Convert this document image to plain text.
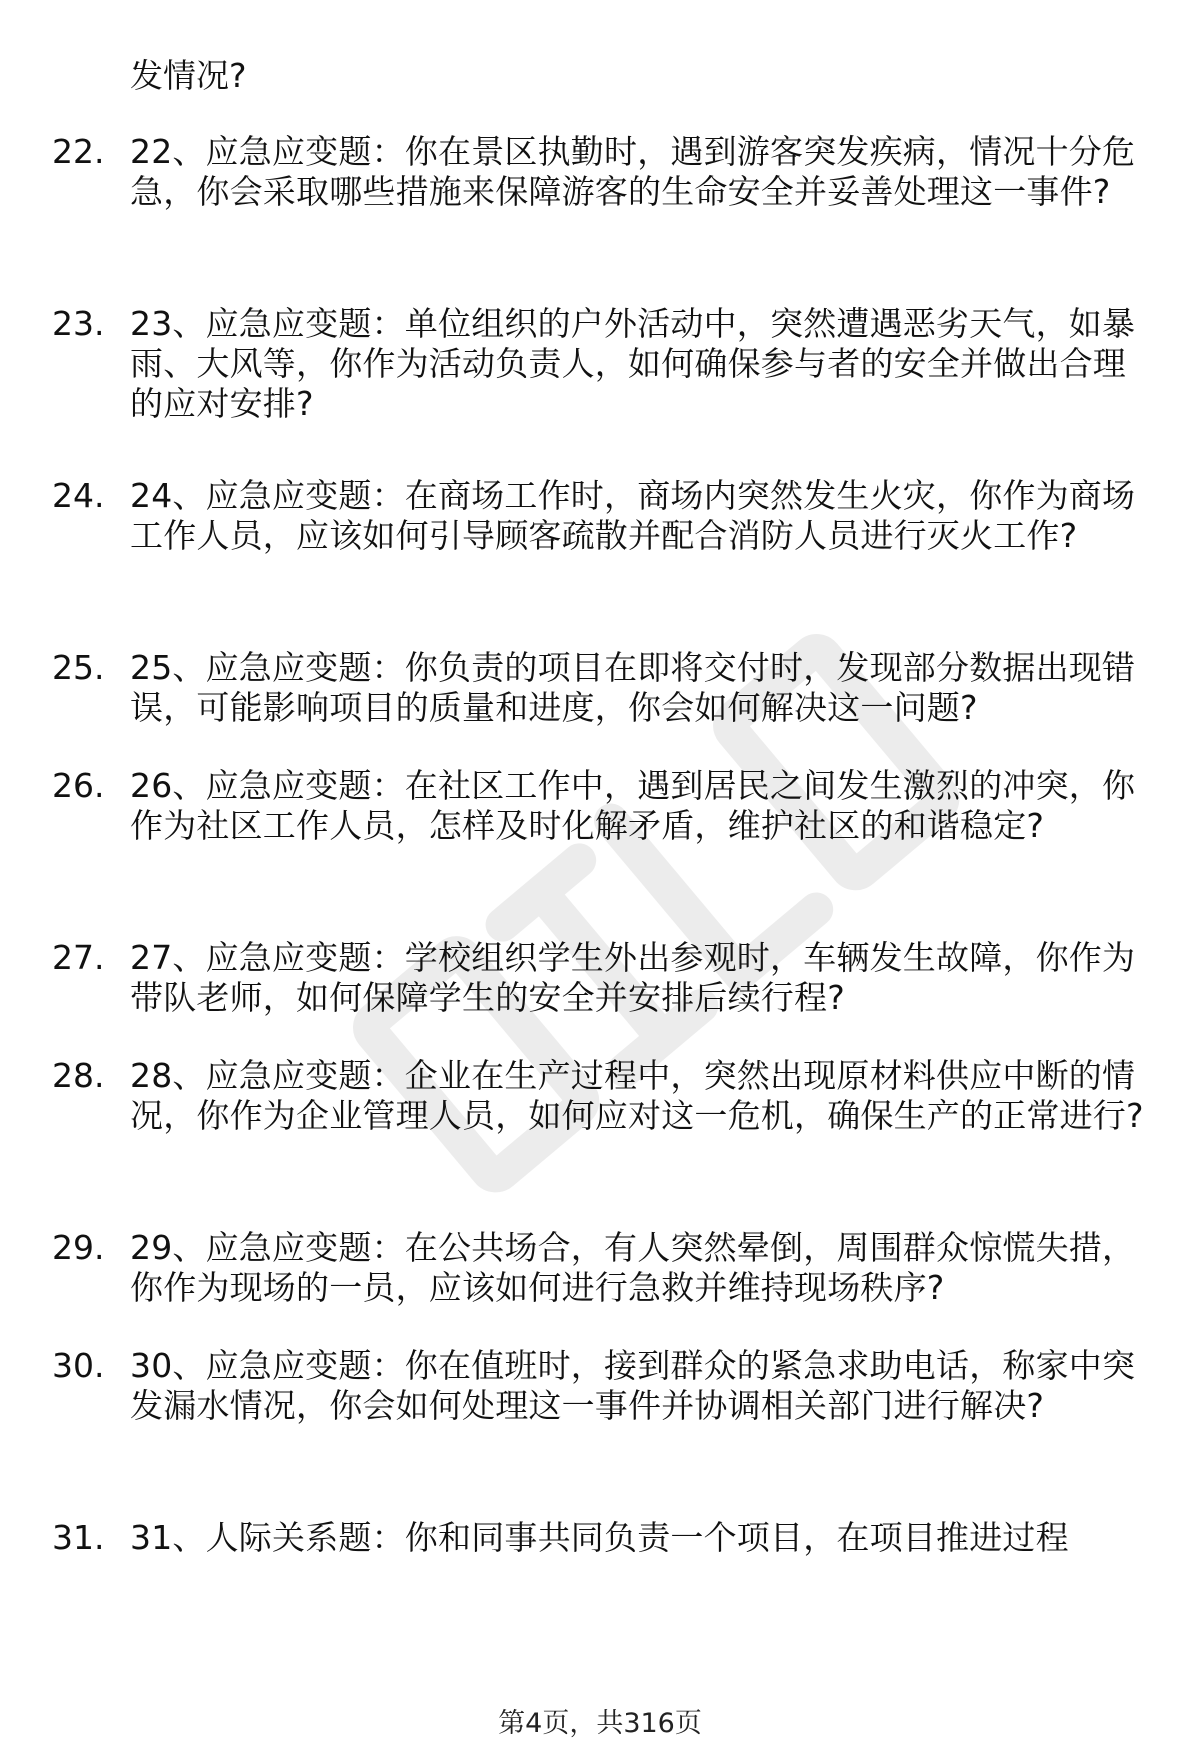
发情况?

22. 22、应急应变题：你在景区执勤时，遇到游客突发疾病，情况十分危急，你会采取哪些措施来保障游客的生命安全并妥善处理这一事件?
23. 23、应急应变题：单位组织的户外活动中，突然遭遇恶劣天气，如暴雨、大风等，你作为活动负责人，如何确保参与者的安全并做出合理的应对安排?
24. 24、应急应变题：在商场工作时，商场内突然发生火灾，你作为商场工作人员，应该如何引导顾客疏散并配合消防人员进行灭火工作?
25. 25、应急应变题：你负责的项目在即将交付时，发现部分数据出现错误，可能影响项目的质量和进度，你会如何解决这一问题?
26. 26、应急应变题：在社区工作中，遇到居民之间发生激烈的冲突，你作为社区工作人员，怎样及时化解矛盾，维护社区的和谐稳定?
27. 27、应急应变题：学校组织学生外出参观时，车辆发生故障，你作为带队老师，如何保障学生的安全并安排后续行程?
28. 28、应急应变题：企业在生产过程中，突然出现原材料供应中断的情况，你作为企业管理人员，如何应对这一危机，确保生产的正常进行?
29. 29、应急应变题：在公共场合，有人突然晕倒，周围群众惊慌失措，你作为现场的一员，应该如何进行急救并维持现场秩序?
30. 30、应急应变题：你在值班时，接到群众的紧急求助电话，称家中突发漏水情况，你会如何处理这一事件并协调相关部门进行解决?
31. 31、人际关系题：你和同事共同负责一个项目，在项目推进过程
第4页，共316页
